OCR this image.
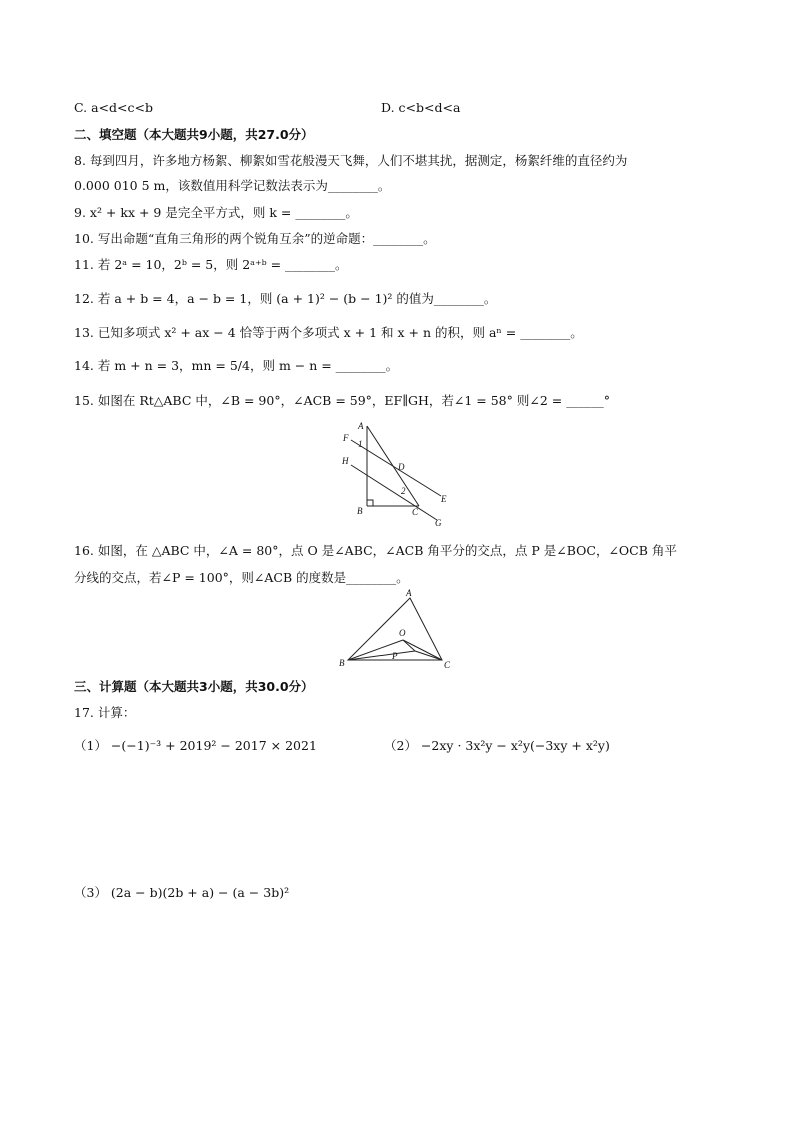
C. a<d<c<b	D. c<b<d<a
二、填空题（本大题共9小题，共27.0分）
8. 每到四月，许多地方杨絮、柳絮如雪花般漫天飞舞，人们不堪其扰，据测定，杨絮纤维的直径约为
0.000 010 5 m，该数值用科学记数法表示为________。
9. x² + kx + 9 是完全平方式，则 k = ________。
10. 写出命题“直角三角形的两个锐角互余”的逆命题：________。
11. 若 2ᵃ = 10，2ᵇ = 5，则 2ᵃ⁺ᵇ = ________。
12. 若 a + b = 4，a − b = 1，则 (a + 1)² − (b − 1)² 的值为________。
13. 已知多项式 x² + ax − 4 恰等于两个多项式 x + 1 和 x + n 的积，则 aⁿ = ________。
14. 若 m + n = 3，mn = 5/4，则 m − n = ________。
15. 如图在 Rt△ABC 中，∠B = 90°，∠ACB = 59°，EF∥GH，若∠1 = 58° 则∠2 = ______°
A
F
1
H
D
2
E
B	C
G
16. 如图，在 △ABC 中，∠A = 80°，点 O 是∠ABC，∠ACB 角平分的交点，点 P 是∠BOC，∠OCB 角平
分线的交点，若∠P = 100°，则∠ACB 的度数是________。
A
O
P
B	C
三、计算题（本大题共3小题，共30.0分）
17. 计算：
（1） −(−1)⁻³ + 2019² − 2017 × 2021	（2） −2xy · 3x²y − x²y(−3xy + x²y)
（3） (2a − b)(2b + a) − (a − 3b)²
